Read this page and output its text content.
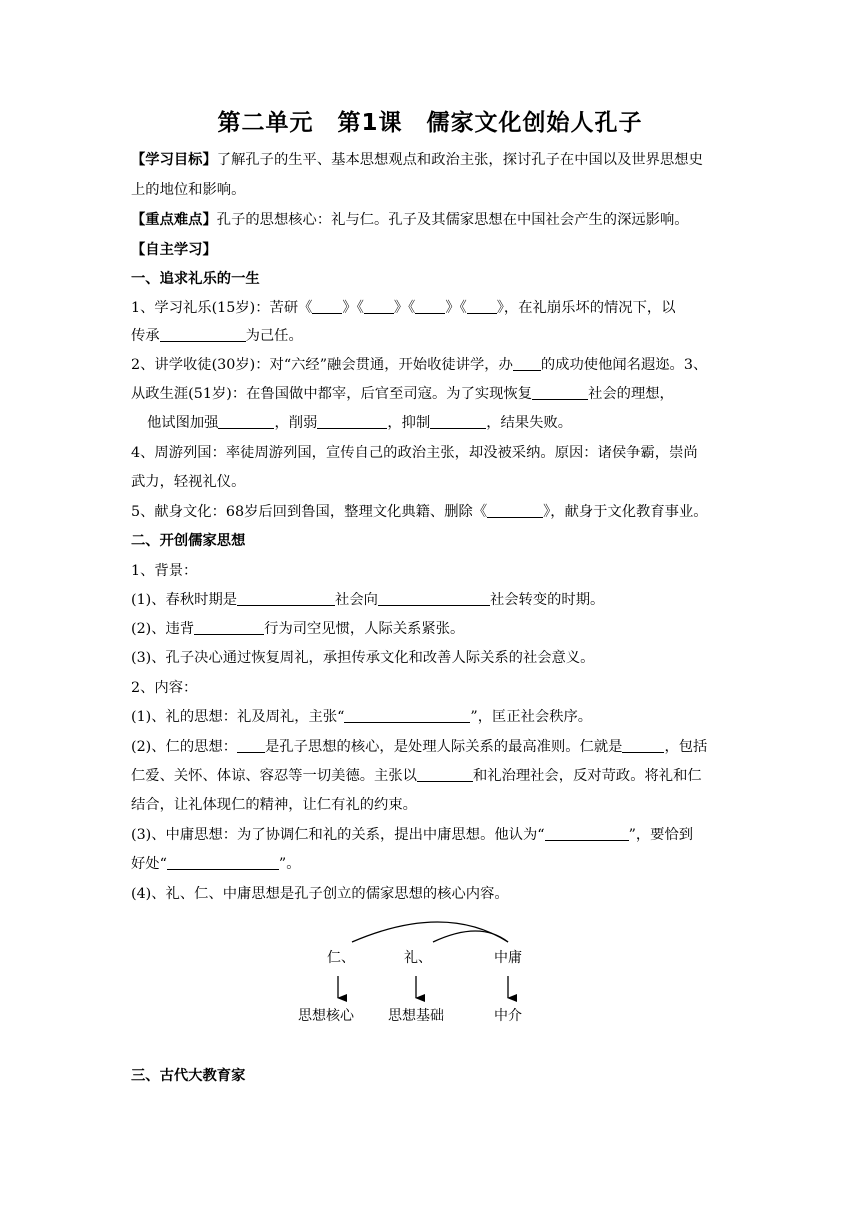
第二单元　第1课　儒家文化创始人孔子
【学习目标】了解孔子的生平、基本思想观点和政治主张，探讨孔子在中国以及世界思想史
上的地位和影响。
【重点难点】孔子的思想核心：礼与仁。孔子及其儒家思想在中国社会产生的深远影响。
【自主学习】
一、追求礼乐的一生
1、学习礼乐(15岁)：苦研《 》《 》《 》《 》，在礼崩乐坏的情况下，以
传承	为己任。
2、讲学收徒(30岁)：对“六经”融会贯通，开始收徒讲学，办 的成功使他闻名遐迩。3、
从政生涯(51岁)：在鲁国做中都宰，后官至司寇。为了实现恢复	社会的理想，
他试图加强	，削弱	，抑制	，结果失败。
4、周游列国：率徒周游列国，宣传自己的政治主张，却没被采纳。原因：诸侯争霸，崇尚
武力，轻视礼仪。
5、献身文化：68岁后回到鲁国，整理文化典籍、删除《	》，献身于文化教育事业。
二、开创儒家思想
1、背景：
(1)、春秋时期是	社会向	社会转变的时期。
(2)、违背	行为司空见惯，人际关系紧张。
(3)、孔子决心通过恢复周礼，承担传承文化和改善人际关系的社会意义。
2、内容：
(1)、礼的思想：礼及周礼，主张“	”，匡正社会秩序。
(2)、仁的思想： 是孔子思想的核心，是处理人际关系的最高准则。仁就是	，包括
仁爱、关怀、体谅、容忍等一切美德。主张以	和礼治理社会，反对苛政。将礼和仁
结合，让礼体现仁的精神，让仁有礼的约束。
(3)、中庸思想：为了协调仁和礼的关系，提出中庸思想。他认为“	”，要恰到
好处“	”。
(4)、礼、仁、中庸思想是孔子创立的儒家思想的核心内容。
仁、	礼、	中庸
思想核心 思想基础	中介
三、古代大教育家
